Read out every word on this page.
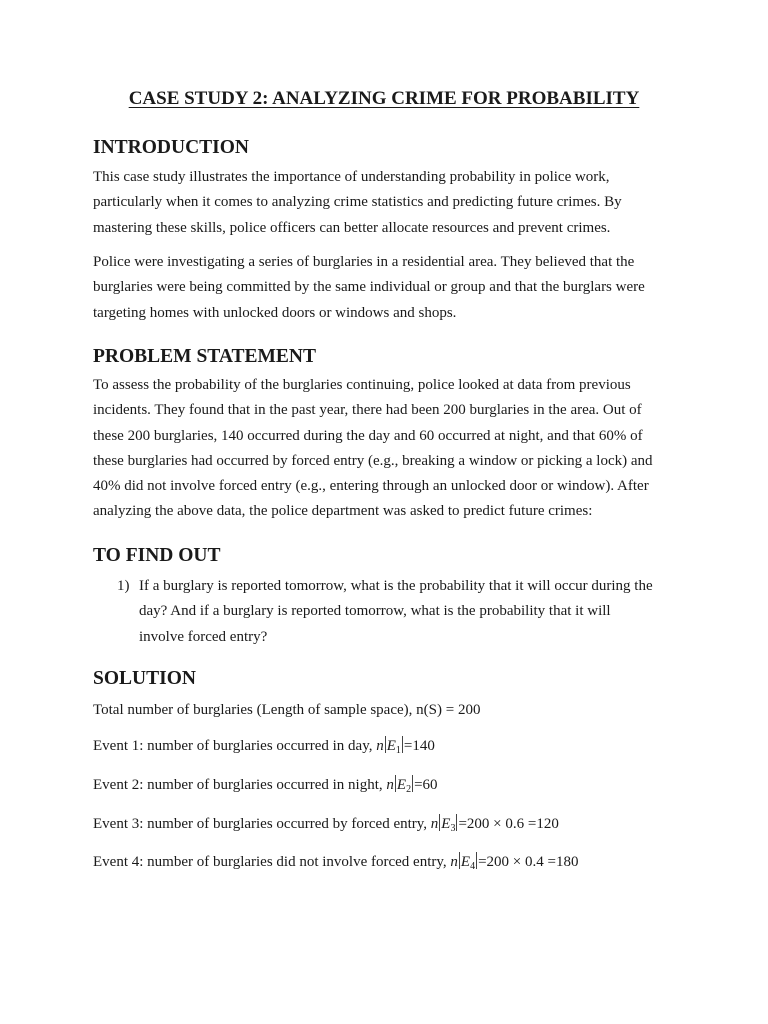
CASE STUDY 2: ANALYZING CRIME FOR PROBABILITY
INTRODUCTION
This case study illustrates the importance of understanding probability in police work,
particularly when it comes to analyzing crime statistics and predicting future crimes. By
mastering these skills, police officers can better allocate resources and prevent crimes.
Police were investigating a series of burglaries in a residential area. They believed that the
burglaries were being committed by the same individual or group and that the burglars were
targeting homes with unlocked doors or windows and shops.
PROBLEM STATEMENT
To assess the probability of the burglaries continuing, police looked at data from previous
incidents. They found that in the past year, there had been 200 burglaries in the area. Out of
these 200 burglaries, 140 occurred during the day and 60 occurred at night, and that 60% of
these burglaries had occurred by forced entry (e.g., breaking a window or picking a lock) and
40% did not involve forced entry (e.g., entering through an unlocked door or window). After
analyzing the above data, the police department was asked to predict future crimes:
TO FIND OUT
1) If a burglary is reported tomorrow, what is the probability that it will occur during the
day? And if a burglary is reported tomorrow, what is the probability that it will
involve forced entry?
SOLUTION
Total number of burglaries (Length of sample space), n(S) = 200
Event 1: number of burglaries occurred in day, n $E_1 =140$
Event 2: number of burglaries occurred in night, n $E_2 =60$
Event 3: number of burglaries occurred by forced entry, n $E_3 =200 \times 0.6 =120$
Event 4: number of burglaries did not involve forced entry, n $E_4 =200 \times 0.4 =180$
